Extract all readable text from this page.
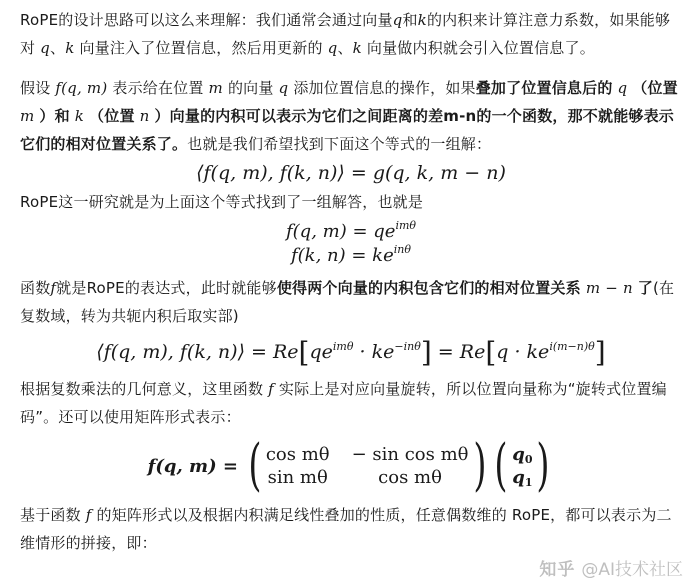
RoPE的设计思路可以这么来理解：我们通常会通过向量q和k的内积来计算注意力系数，如果能够对 q、k 向量注入了位置信息，然后用更新的 q、k 向量做内积就会引入位置信息了。

假设 f(q, m) 表示给在位置 m 的向量 q 添加位置信息的操作，如果叠加了位置信息后的 q （位置 m ）和 k （位置 n ）向量的内积可以表示为它们之间距离的差m-n的一个函数，那不就能够表示它们的相对位置关系了。也就是我们希望找到下面这个等式的一组解：

⟨f(q, m), f(k, n)⟩ = g(q, k, m − n)

RoPE这一研究就是为上面这个等式找到了一组解答，也就是

f(q, $m) = qe^{im\theta}$
f(k, $n) = ke^{in\theta}$

函数f就是RoPE的表达式，此时就能够使得两个向量的内积包含它们的相对位置关系 m − n 了(在复数域，转为共轭内积后取实部)

⟨f(q, m), f(k, n)⟩ = $Re[qe^{im\theta} \cdot ke^{-in\theta}] = Re[q \cdot ke^{i(m-n)\theta}]$

根据复数乘法的几何意义，这里函数 f 实际上是对应向量旋转，所以位置向量称为“旋转式位置编码”。还可以使用矩阵形式表示：

f(q, m) = ( cos mθ − sin cos mθ
sin mθ	cos mθ ) ( $q_0$
$q_1$ )

基于函数 f 的矩阵形式以及根据内积满足线性叠加的性质，任意偶数维的 RoPE，都可以表示为二维情形的拼接，即：

知乎 @AI技术社区
